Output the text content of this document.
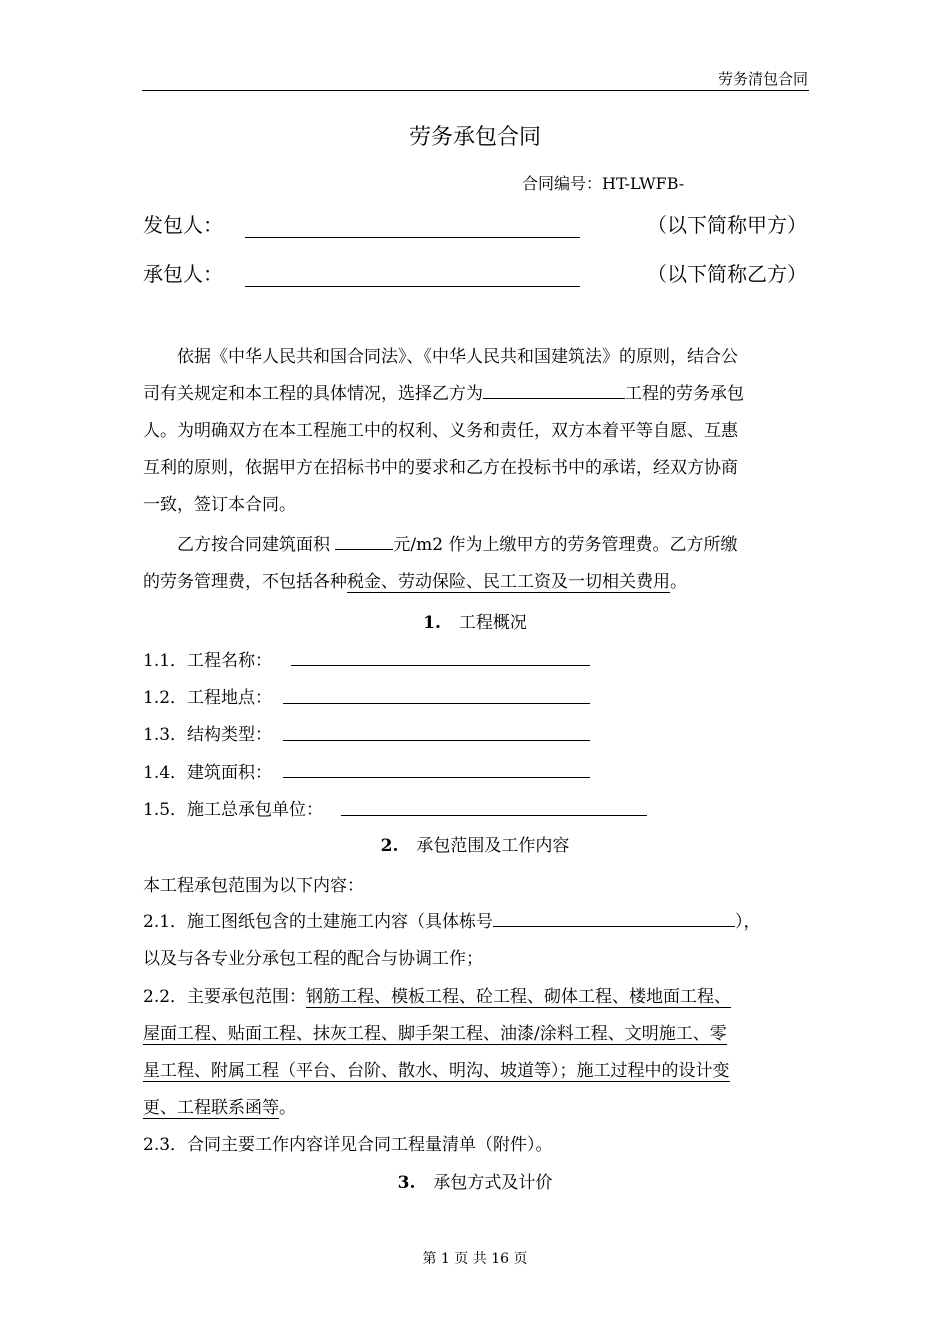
劳务清包合同
劳务承包合同
合同编号：HT-LWFB-
发包人：	（以下简称甲方）
承包人：	（以下简称乙方）
依据《中华人民共和国合同法》、《中华人民共和国建筑法》的原则，结合公
司有关规定和本工程的具体情况，选择乙方为	工程的劳务承包
人。为明确双方在本工程施工中的权利、义务和责任，双方本着平等自愿、互惠
互利的原则，依据甲方在招标书中的要求和乙方在投标书中的承诺，经双方协商
一致，签订本合同。
乙方按合同建筑面积	元/m2 作为上缴甲方的劳务管理费。乙方所缴
的劳务管理费，不包括各种税金、劳动保险、民工工资及一切相关费用。
1. 工程概况
1.1．工程名称：
1.2．工程地点：
1.3．结构类型：
1.4．建筑面积：
1.5．施工总承包单位：
2. 承包范围及工作内容
本工程承包范围为以下内容：
2.1．施工图纸包含的土建施工内容（具体栋号	），
以及与各专业分承包工程的配合与协调工作；
2.2．主要承包范围：钢筋工程、模板工程、砼工程、砌体工程、楼地面工程、
屋面工程、贴面工程、抹灰工程、脚手架工程、油漆/涂料工程、文明施工、零
星工程、附属工程（平台、台阶、散水、明沟、坡道等）；施工过程中的设计变
更、工程联系函等。
2.3．合同主要工作内容详见合同工程量清单（附件）。
3. 承包方式及计价
第 1 页 共 16 页
